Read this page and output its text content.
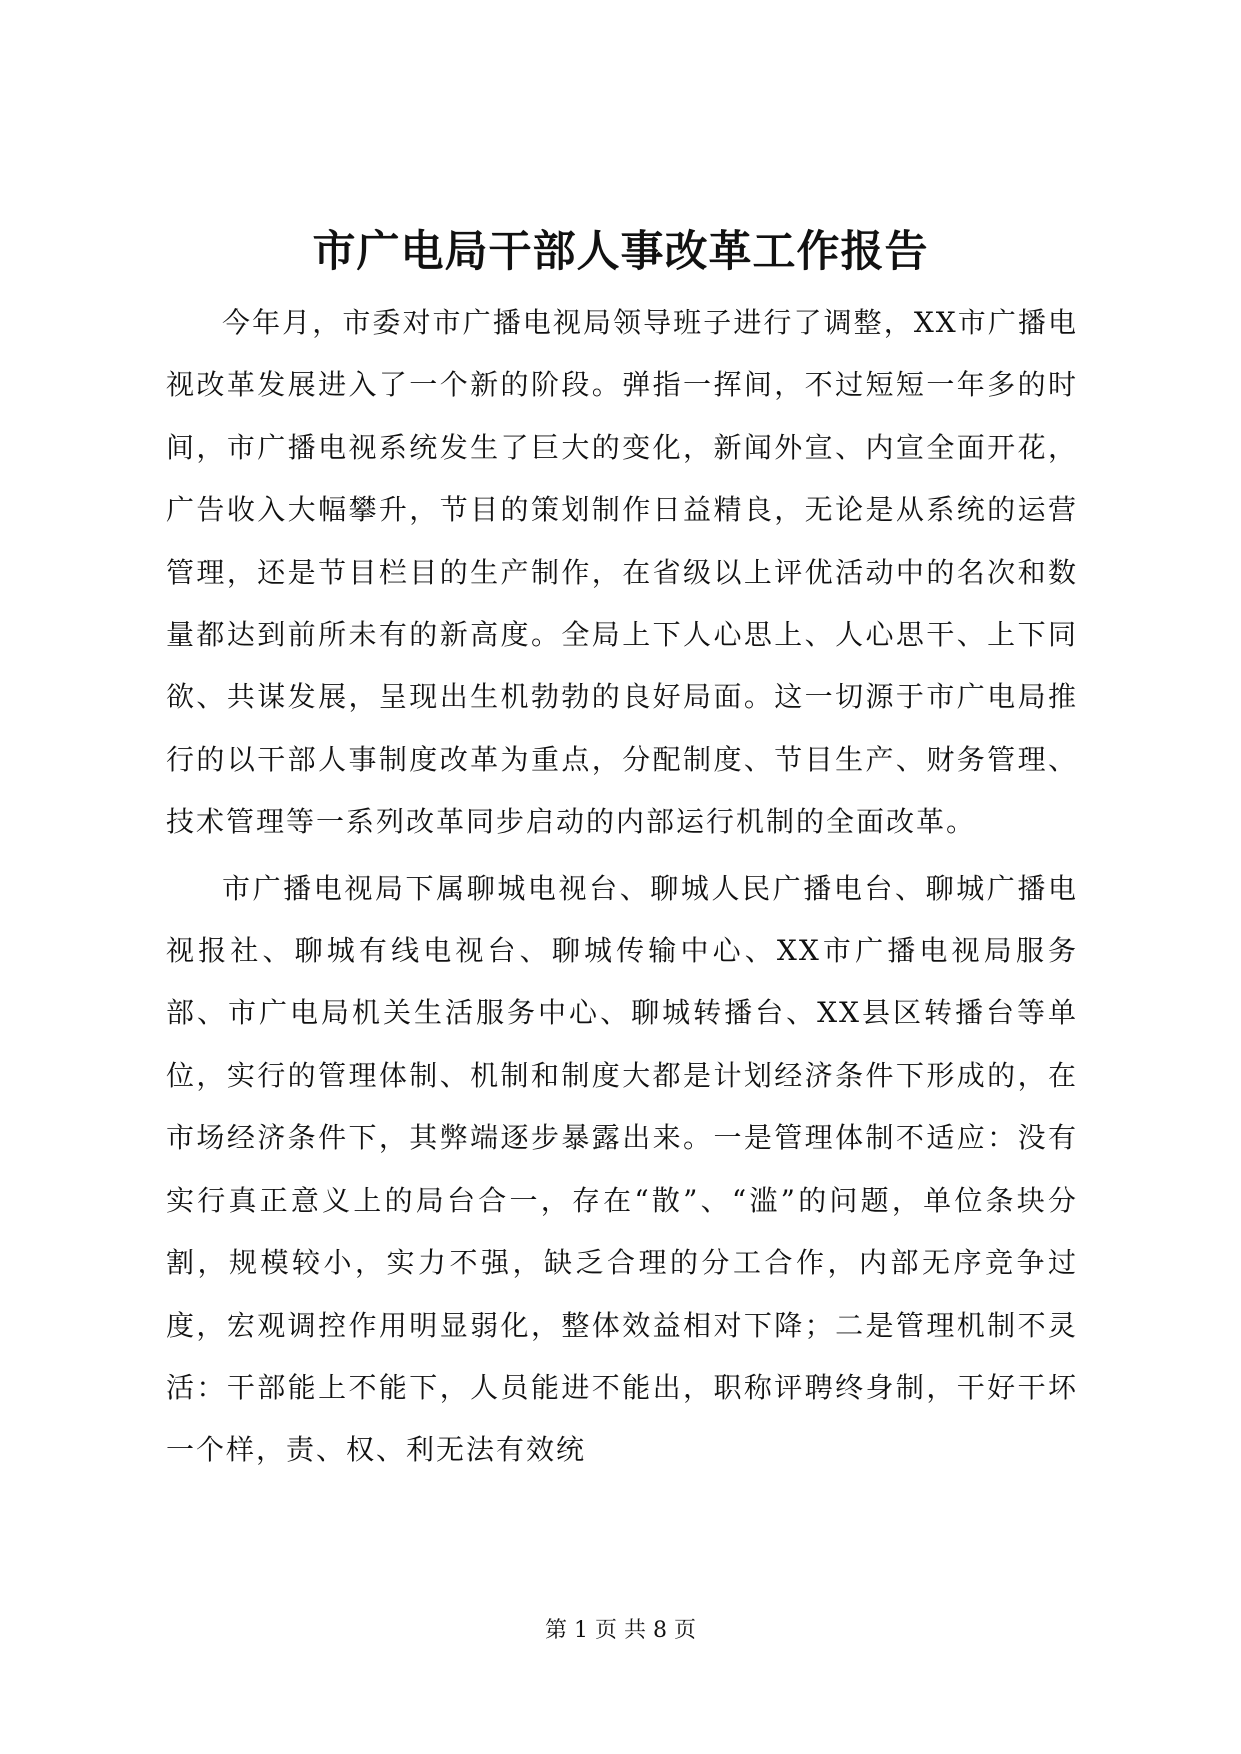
市广电局干部人事改革工作报告

今年月，市委对市广播电视局领导班子进行了调整，XX市广播电视改革发展进入了一个新的阶段。弹指一挥间，不过短短一年多的时间，市广播电视系统发生了巨大的变化，新闻外宣、内宣全面开花，广告收入大幅攀升，节目的策划制作日益精良，无论是从系统的运营管理，还是节目栏目的生产制作，在省级以上评优活动中的名次和数量都达到前所未有的新高度。全局上下人心思上、人心思干、上下同欲、共谋发展，呈现出生机勃勃的良好局面。这一切源于市广电局推行的以干部人事制度改革为重点，分配制度、节目生产、财务管理、技术管理等一系列改革同步启动的内部运行机制的全面改革。

市广播电视局下属聊城电视台、聊城人民广播电台、聊城广播电视报社、聊城有线电视台、聊城传输中心、XX市广播电视局服务部、市广电局机关生活服务中心、聊城转播台、XX县区转播台等单位，实行的管理体制、机制和制度大都是计划经济条件下形成的，在市场经济条件下，其弊端逐步暴露出来。一是管理体制不适应：没有实行真正意义上的局台合一，存在“散”、“滥”的问题，单位条块分割，规模较小，实力不强，缺乏合理的分工合作，内部无序竞争过度，宏观调控作用明显弱化，整体效益相对下降；二是管理机制不灵活：干部能上不能下，人员能进不能出，职称评聘终身制，干好干坏一个样，责、权、利无法有效统

第 1 页 共 8 页
